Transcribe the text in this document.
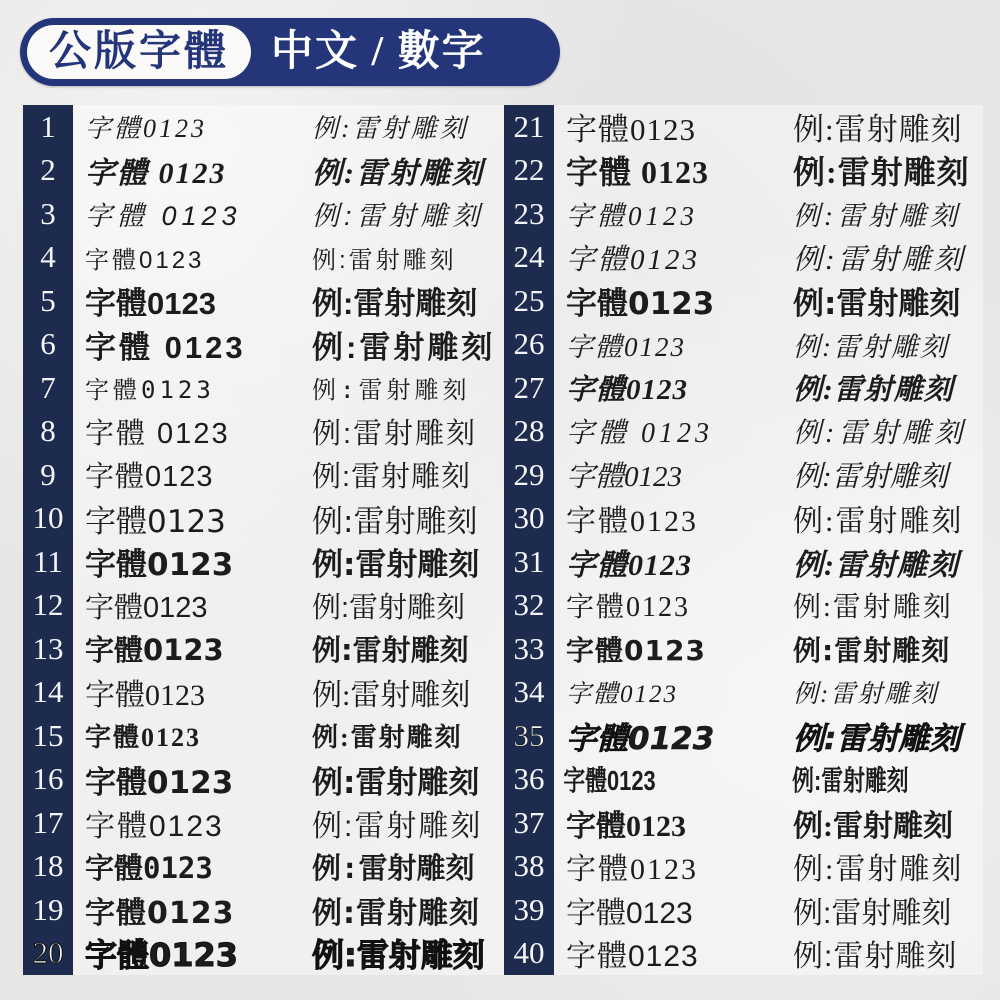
公版字體	中文 / 數字
1	字體0123	例:雷射雕刻
2 字體 0123	例:雷射雕刻
3	字體 0123	例:雷射雕刻
4	字體0123	例:雷射雕刻
5 字體0123	例:雷射雕刻
6 字體 0123	例:雷射雕刻
7	字體0123	例:雷射雕刻
8	字體 0123	例:雷射雕刻
9	字體0123	例:雷射雕刻
10 字體0123	例:雷射雕刻
11 字體0123	例:雷射雕刻
12 字體0123	例:雷射雕刻
13 字體0123	例:雷射雕刻
14 字體0123	例:雷射雕刻
15 字體0123	例:雷射雕刻
16 字體0123	例:雷射雕刻
17 字體0123	例:雷射雕刻
18 字體0123	例:雷射雕刻
19 字體0123	例:雷射雕刻
20 字體0123	例:雷射雕刻
21 字體0123	例:雷射雕刻
22 字體 0123	例:雷射雕刻
23 字體0123	例:雷射雕刻
24 字體0123	例:雷射雕刻
25 字體0123	例:雷射雕刻
26 字體0123	例:雷射雕刻
27 字體0123	例:雷射雕刻
28 字體 0123	例:雷射雕刻
29 字體0123	例:雷射雕刻
30 字體0123	例:雷射雕刻
31 字體0123	例:雷射雕刻
32 字體0123	例:雷射雕刻
33 字體0123	例:雷射雕刻
34 字體0123	例:雷射雕刻
35 字體0123	例:雷射雕刻
36 字體0123	例:雷射雕刻
37 字體0123	例:雷射雕刻
38 字體0123	例:雷射雕刻
39 字體0123	例:雷射雕刻
40 字體0123	例:雷射雕刻
